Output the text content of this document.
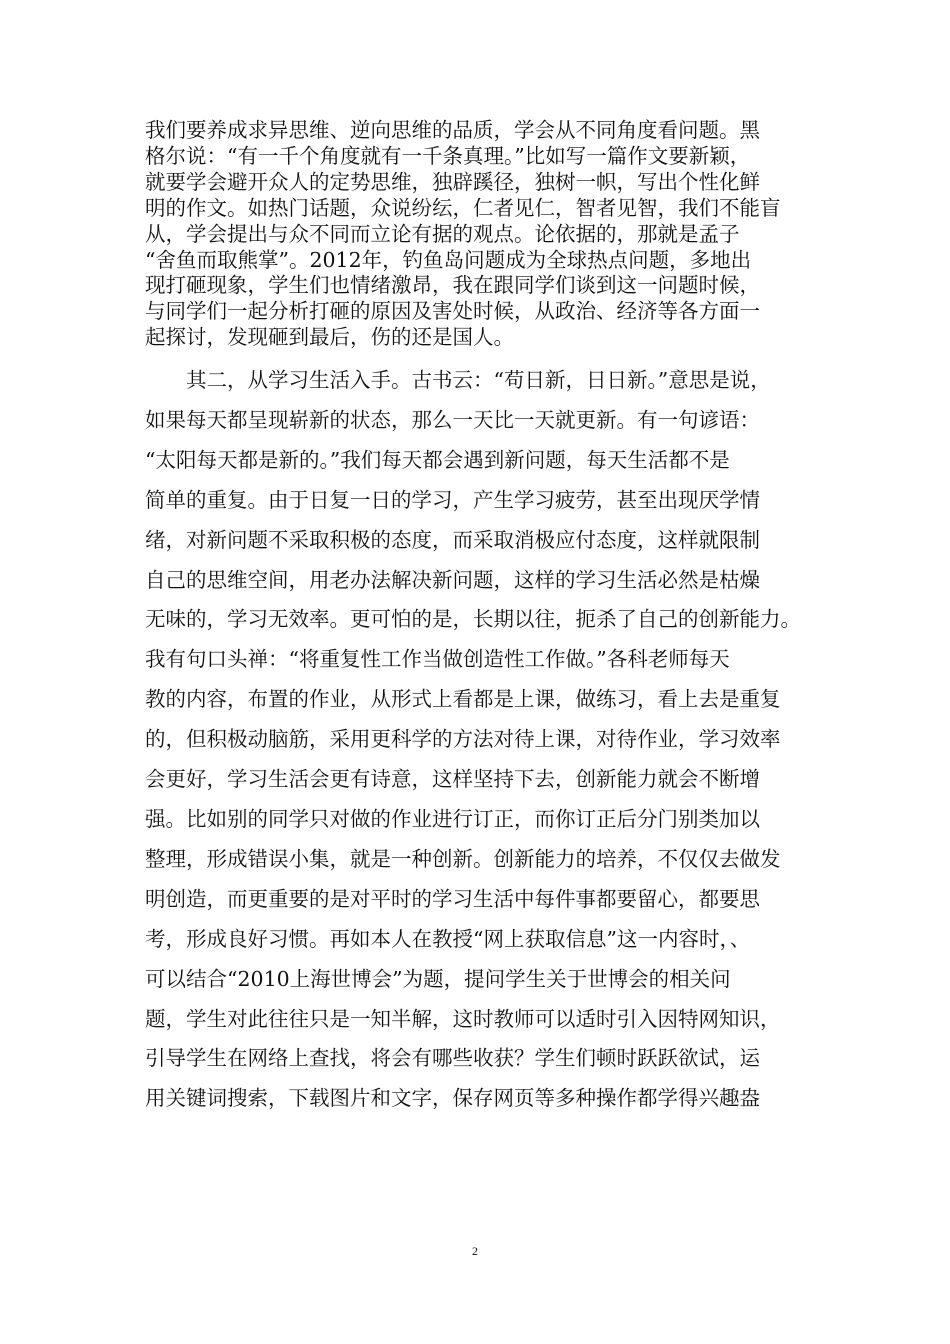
我们要养成求异思维、逆向思维的品质，学会从不同角度看问题。黑
格尔说：“有一千个角度就有一千条真理。”比如写一篇作文要新颖，
就要学会避开众人的定势思维，独辟蹊径，独树一帜，写出个性化鲜
明的作文。如热门话题，众说纷纭，仁者见仁，智者见智，我们不能盲
从，学会提出与众不同而立论有据的观点。论依据的，那就是孟子
“舍鱼而取熊掌”。2012年，钓鱼岛问题成为全球热点问题，多地出
现打砸现象，学生们也情绪激昂，我在跟同学们谈到这一问题时候，
与同学们一起分析打砸的原因及害处时候，从政治、经济等各方面一
起探讨，发现砸到最后，伤的还是国人。
　　其二，从学习生活入手。古书云：“苟日新，日日新。”意思是说，
如果每天都呈现崭新的状态，那么一天比一天就更新。有一句谚语：
“太阳每天都是新的。”我们每天都会遇到新问题，每天生活都不是
简单的重复。由于日复一日的学习，产生学习疲劳，甚至出现厌学情
绪，对新问题不采取积极的态度，而采取消极应付态度，这样就限制
自己的思维空间，用老办法解决新问题，这样的学习生活必然是枯燥
无味的，学习无效率。更可怕的是，长期以往，扼杀了自己的创新能力。
我有句口头禅：“将重复性工作当做创造性工作做。”各科老师每天
教的内容，布置的作业，从形式上看都是上课，做练习，看上去是重复
的，但积极动脑筋，采用更科学的方法对待上课，对待作业，学习效率
会更好，学习生活会更有诗意，这样坚持下去，创新能力就会不断增
强。比如别的同学只对做的作业进行订正，而你订正后分门别类加以
整理，形成错误小集，就是一种创新。创新能力的培养，不仅仅去做发
明创造，而更重要的是对平时的学习生活中每件事都要留心，都要思
考，形成良好习惯。再如本人在教授“网上获取信息”这一内容时，、
可以结合“2010上海世博会”为题，提问学生关于世博会的相关问
题，学生对此往往只是一知半解，这时教师可以适时引入因特网知识，
引导学生在网络上查找，将会有哪些收获？学生们顿时跃跃欲试，运
用关键词搜索，下载图片和文字，保存网页等多种操作都学得兴趣盎
2
